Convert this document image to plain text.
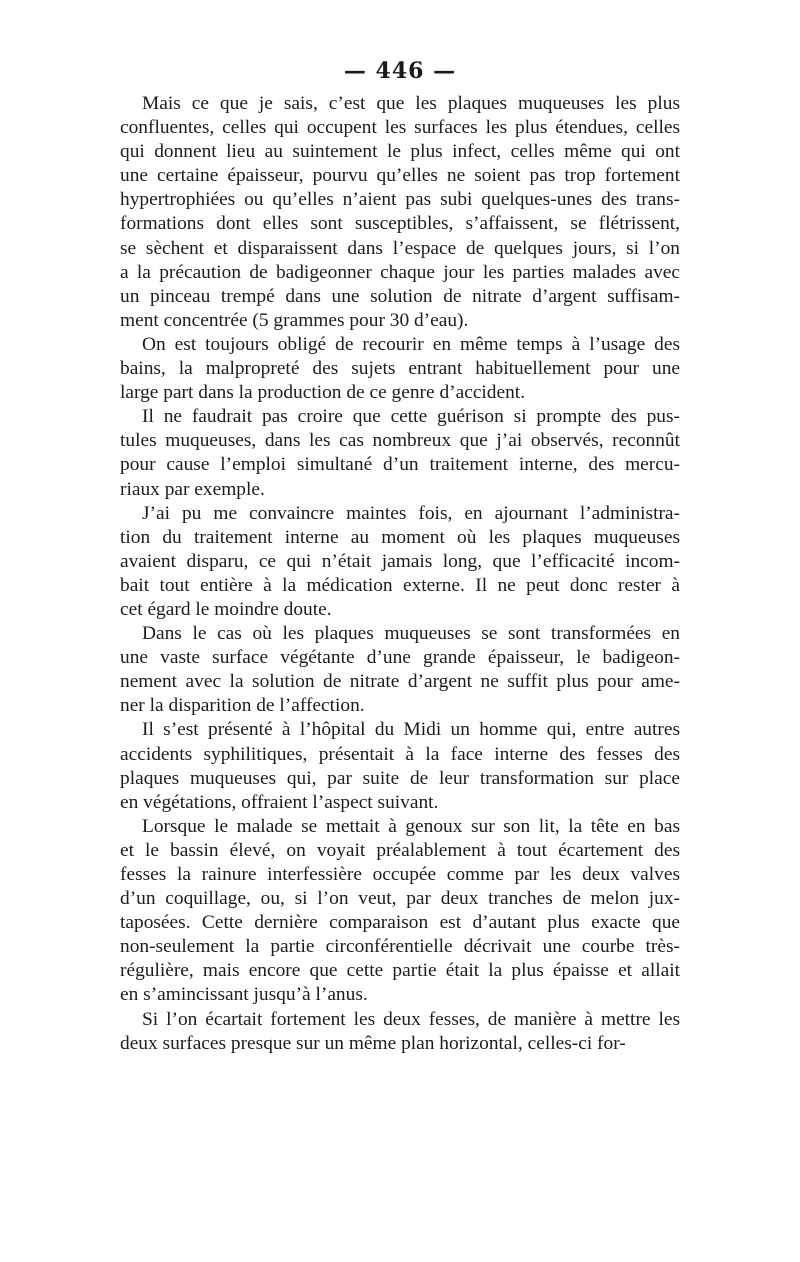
— 446 —
Mais ce que je sais, c’est que les plaques muqueuses les plus
confluentes, celles qui occupent les surfaces les plus étendues, celles
qui donnent lieu au suintement le plus infect, celles même qui ont
une certaine épaisseur, pourvu qu’elles ne soient pas trop fortement
hypertrophiées ou qu’elles n’aient pas subi quelques-unes des trans-
formations dont elles sont susceptibles, s’affaissent, se flétrissent,
se sèchent et disparaissent dans l’espace de quelques jours, si l’on
a la précaution de badigeonner chaque jour les parties malades avec
un pinceau trempé dans une solution de nitrate d’argent suffisam-
ment concentrée (5 grammes pour 30 d’eau).
On est toujours obligé de recourir en même temps à l’usage des
bains, la malpropreté des sujets entrant habituellement pour une
large part dans la production de ce genre d’accident.
Il ne faudrait pas croire que cette guérison si prompte des pus-
tules muqueuses, dans les cas nombreux que j’ai observés, reconnût
pour cause l’emploi simultané d’un traitement interne, des mercu-
riaux par exemple.
J’ai pu me convaincre maintes fois, en ajournant l’administra-
tion du traitement interne au moment où les plaques muqueuses
avaient disparu, ce qui n’était jamais long, que l’efficacité incom-
bait tout entière à la médication externe. Il ne peut donc rester à
cet égard le moindre doute.
Dans le cas où les plaques muqueuses se sont transformées en
une vaste surface végétante d’une grande épaisseur, le badigeon-
nement avec la solution de nitrate d’argent ne suffit plus pour ame-
ner la disparition de l’affection.
Il s’est présenté à l’hôpital du Midi un homme qui, entre autres
accidents syphilitiques, présentait à la face interne des fesses des
plaques muqueuses qui, par suite de leur transformation sur place
en végétations, offraient l’aspect suivant.
Lorsque le malade se mettait à genoux sur son lit, la tête en bas
et le bassin élevé, on voyait préalablement à tout écartement des
fesses la rainure interfessière occupée comme par les deux valves
d’un coquillage, ou, si l’on veut, par deux tranches de melon jux-
taposées. Cette dernière comparaison est d’autant plus exacte que
non-seulement la partie circonférentielle décrivait une courbe très-
régulière, mais encore que cette partie était la plus épaisse et allait
en s’amincissant jusqu’à l’anus.
Si l’on écartait fortement les deux fesses, de manière à mettre les
deux surfaces presque sur un même plan horizontal, celles-ci for-
